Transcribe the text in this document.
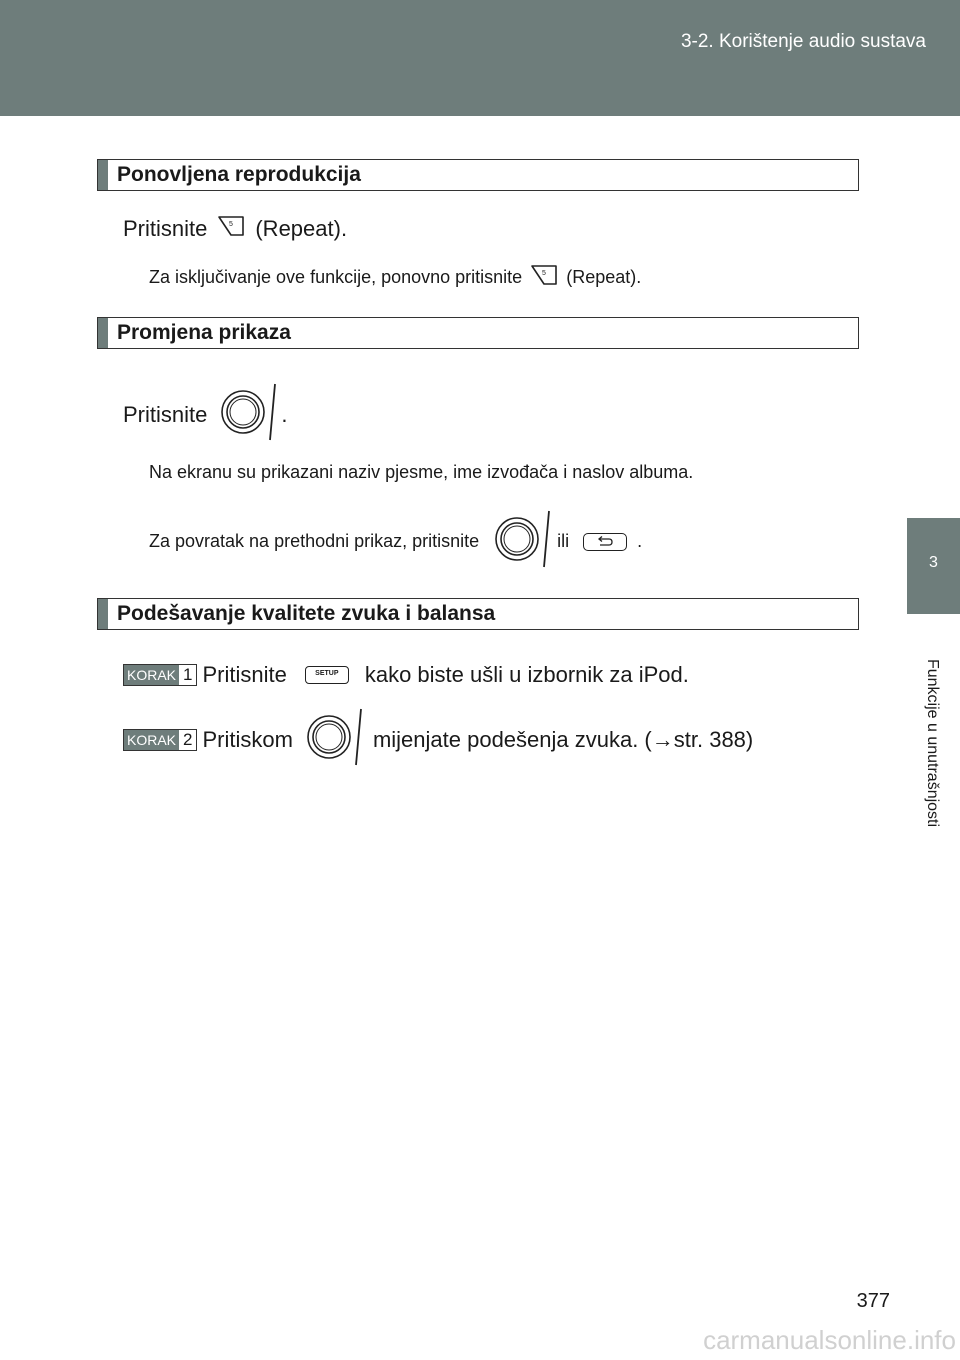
3-2. Korištenje audio sustava
3
Funkcije u unutrašnjosti
Ponovljena reprodukcija
Pritisnite	5 (Repeat).
Za isključivanje ove funkcije, ponovno pritisnite	5 (Repeat).
Promjena prikaza
Pritisnite	.
Na ekranu su prikazani naziv pjesme, ime izvođača i naslov albuma.
Za povratak na prethodni prikaz, pritisnite	ili	.
Podešavanje kvalitete zvuka i balansa
KORAK 1 Pritisnite	SETUP	kako biste ušli u izbornik za iPod.
KORAK 2 Pritiskom	mijenjate podešenja zvuka. (→str. 388)
377
carmanualsonline.info
